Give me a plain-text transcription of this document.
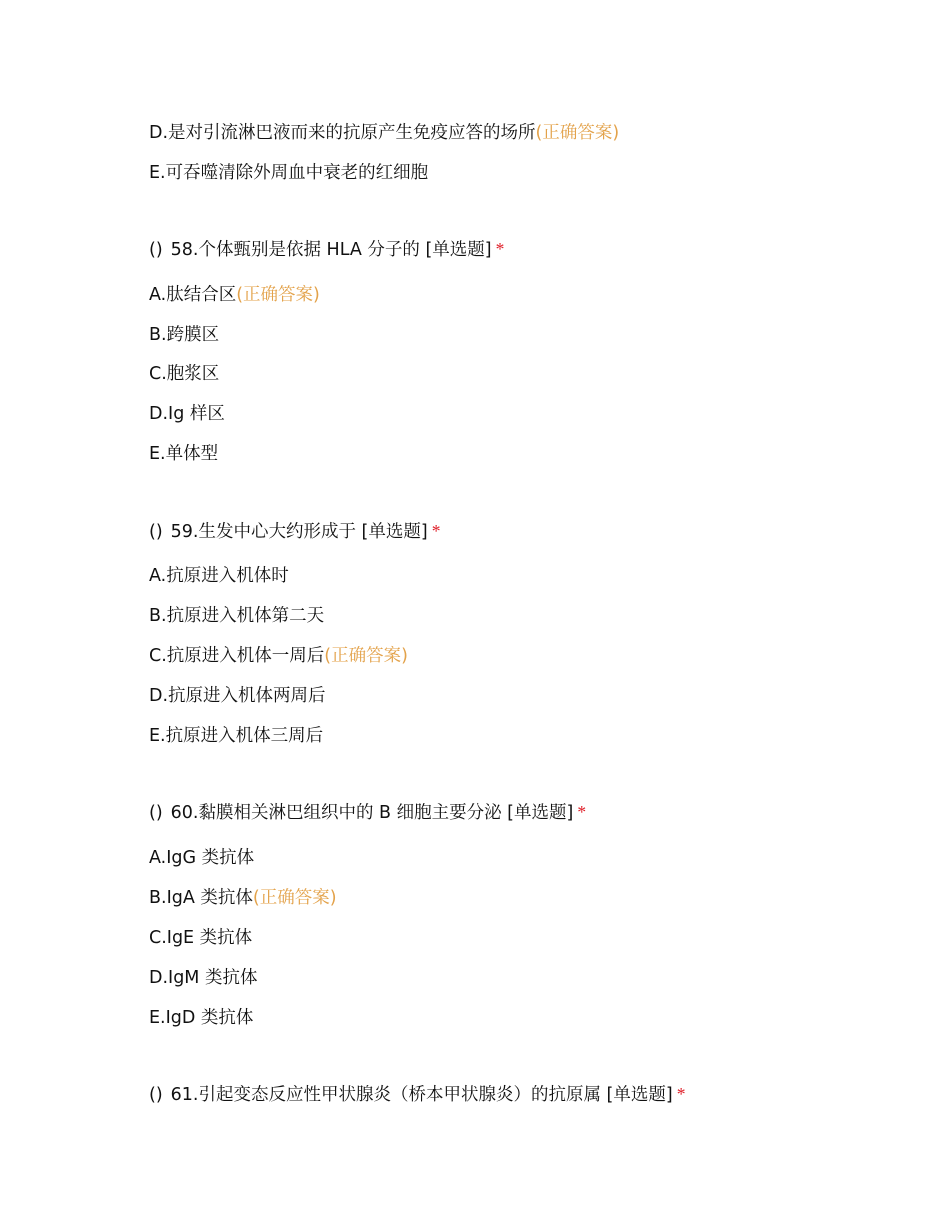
D.是对引流淋巴液而来的抗原产生免疫应答的场所(正确答案)
E.可吞噬清除外周血中衰老的红细胞
() 58.个体甄别是依据 HLA 分子的 [单选题] *
A.肽结合区(正确答案)
B.跨膜区
C.胞浆区
D.Ig 样区
E.单体型
() 59.生发中心大约形成于 [单选题] *
A.抗原进入机体时
B.抗原进入机体第二天
C.抗原进入机体一周后(正确答案)
D.抗原进入机体两周后
E.抗原进入机体三周后
() 60.黏膜相关淋巴组织中的 B 细胞主要分泌 [单选题] *
A.IgG 类抗体
B.IgA 类抗体(正确答案)
C.IgE 类抗体
D.IgM 类抗体
E.IgD 类抗体
() 61.引起变态反应性甲状腺炎（桥本甲状腺炎）的抗原属 [单选题] *
